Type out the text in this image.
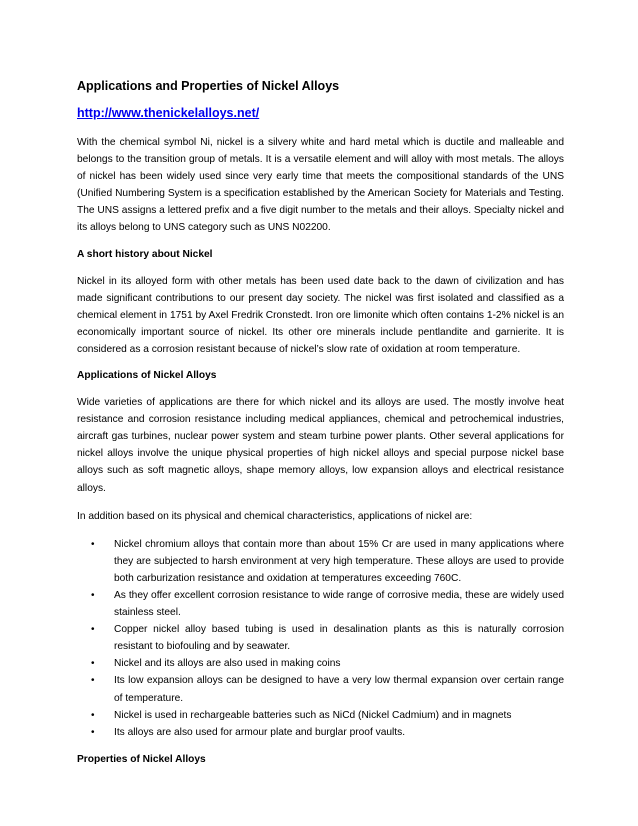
Applications and Properties of Nickel Alloys
http://www.thenickelalloys.net/

With the chemical symbol Ni, nickel is a silvery white and hard metal which is ductile and malleable and belongs to the transition group of metals. It is a versatile element and will alloy with most metals. The alloys of nickel has been widely used since very early time that meets the compositional standards of the UNS (Unified Numbering System is a specification established by the American Society for Materials and Testing. The UNS assigns a lettered prefix and a five digit number to the metals and their alloys. Specialty nickel and its alloys belong to UNS category such as UNS N02200.

A short history about Nickel

Nickel in its alloyed form with other metals has been used date back to the dawn of civilization and has made significant contributions to our present day society. The nickel was first isolated and classified as a chemical element in 1751 by Axel Fredrik Cronstedt. Iron ore limonite which often contains 1-2% nickel is an economically important source of nickel. Its other ore minerals include pentlandite and garnierite. It is considered as a corrosion resistant because of nickel’s slow rate of oxidation at room temperature.

Applications of Nickel Alloys

Wide varieties of applications are there for which nickel and its alloys are used. The mostly involve heat resistance and corrosion resistance including medical appliances, chemical and petrochemical industries, aircraft gas turbines, nuclear power system and steam turbine power plants. Other several applications for nickel alloys involve the unique physical properties of high nickel alloys and special purpose nickel base alloys such as soft magnetic alloys, shape memory alloys, low expansion alloys and electrical resistance alloys.

In addition based on its physical and chemical characteristics, applications of nickel are:

• Nickel chromium alloys that contain more than about 15% Cr are used in many applications where they are subjected to harsh environment at very high temperature. These alloys are used to provide both carburization resistance and oxidation at temperatures exceeding 760C.
• As they offer excellent corrosion resistance to wide range of corrosive media, these are widely used stainless steel.
• Copper nickel alloy based tubing is used in desalination plants as this is naturally corrosion resistant to biofouling and by seawater.
• Nickel and its alloys are also used in making coins
• Its low expansion alloys can be designed to have a very low thermal expansion over certain range of temperature.
• Nickel is used in rechargeable batteries such as NiCd (Nickel Cadmium) and in magnets
• Its alloys are also used for armour plate and burglar proof vaults.
Properties of Nickel Alloys
